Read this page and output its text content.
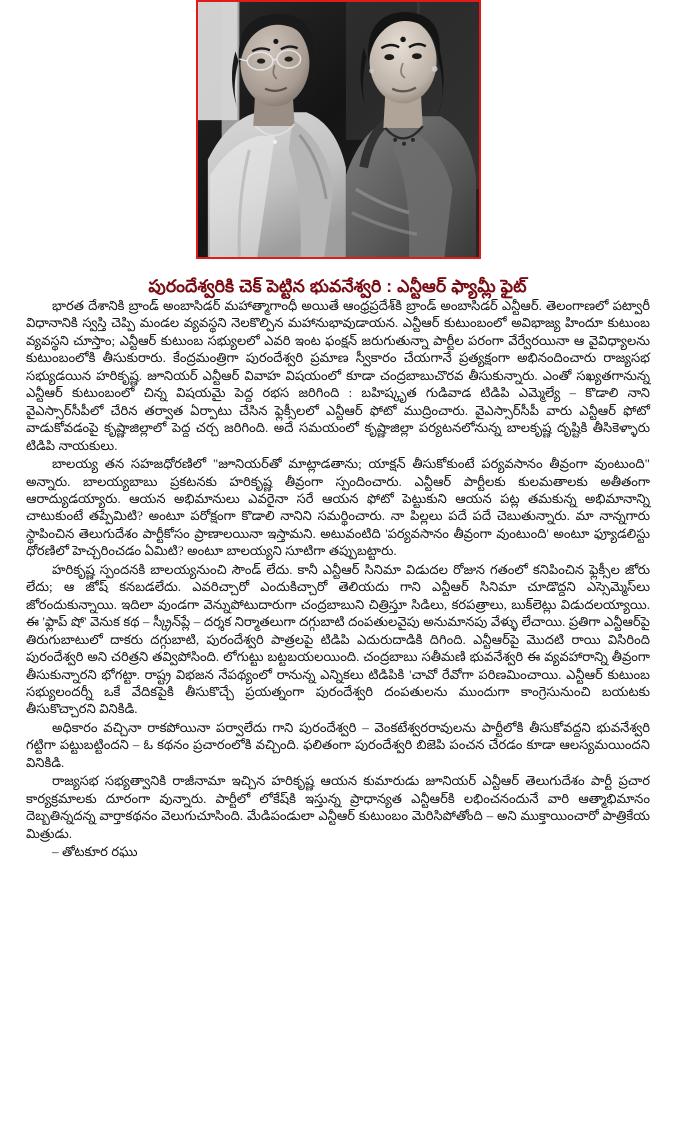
పురందేశ్వరికి చెక్ పెట్టిన భువనేశ్వరి : ఎన్టీఆర్ ఫ్యామ్లీ ఫైట్

భారత దేశానికి బ్రాండ్ అంబాసిడర్ మహాత్మాగాంధీ అయితే ఆంధ్రప్రదేశ్‌కి బ్రాండ్ అంబాసిడర్ ఎన్టీఆర్. తెలంగాణలో పట్వారీ విధానానికి స్వస్తి చెప్పి మండల వ్యవస్థని నెలకొల్పిన మహానుభావుడాయన. ఎన్టీఆర్ కుటుంబంలో అవిభాజ్య హిందూ కుటుంబ వ్యవస్థని చూస్తాం; ఎన్టీఆర్ కుటుంబ సభ్యులలో ఎవరి ఇంట ఫంక్షన్ జరుగుతున్నా పార్టీల పరంగా వేర్వేరయినా ఆ వైవిధ్యాలను కుటుంబంలోకి తీసుకురారు. కేంద్రమంత్రిగా పురందేశ్వరి ప్రమాణ స్వీకారం చేయగానే ప్రత్యక్షంగా అభినందించారు రాజ్యసభ సభ్యుడయిన హరికృష్ణ. జూనియర్ ఎన్టీఆర్ వివాహ విషయంలో కూడా చంద్రబాబుచొరవ తీసుకున్నారు. ఎంతో సఖ్యతగానున్న ఎన్టీఆర్ కుటుంబంలో చిన్న విషయమై పెద్ద రభస జరిగింది : బహిష్కృత గుడివాడ టిడిపి ఎమ్మెల్యే – కొడాలి నాని వైఎస్సార్‌సీపీలో చేరిన తర్వాత ఏర్పాటు చేసిన ఫ్లెక్సీలలో ఎన్టీఆర్ ఫోటో ముద్రించారు. వైఎస్సార్‌సీపీ వారు ఎన్టీఆర్ ఫోటో వాడుకోవడంపై కృష్ణాజిల్లాలో పెద్ద చర్చ జరిగింది. అదే సమయంలో కృష్ణాజిల్లా పర్యటనలోనున్న బాలకృష్ణ దృష్టికి తీసికెళ్ళారు టిడిపి నాయకులు.

బాలయ్య తన సహజధోరణిలో "జూనియర్‌తో మాట్లాడతాను; యాక్షన్ తీసుకోకుంటే పర్యవసానం తీవ్రంగా వుంటుంది" అన్నారు. బాలయ్యబాబు ప్రకటనకు హరికృష్ణ తీవ్రంగా స్పందించారు. ఎన్టీఆర్ పార్టీలకు కులమతాలకు అతీతంగా ఆరాద్యుడయ్యారు. ఆయన అభిమానులు ఎవరైనా సరే ఆయన ఫోటో పెట్టుకుని ఆయన పట్ల తమకున్న అభిమానాన్ని చాటుకుంటే తప్పేమిటి? అంటూ పరోక్షంగా కొడాలి నానిని సమర్థించారు. నా పిల్లలు పదే పదే చెబుతున్నారు. మా నాన్నగారు స్థాపించిన తెలుగుదేశం పార్టీకోసం ప్రాణాలయినా ఇస్తామని. అటువంటిది 'పర్యవసానం తీవ్రంగా వుంటుంది' అంటూ ఫ్యూడలిస్టు ధోరణిలో హెచ్చరించడం ఏమిటి? అంటూ బాలయ్యని సూటిగా తప్పుబట్టారు.

హరికృష్ణ స్పందనకి బాలయ్యనుంచి సౌండ్ లేదు. కానీ ఎన్టీఆర్ సినిమా విడుదల రోజున గతంలో కనిపించిన ఫ్లెక్సీల జోరు లేదు; ఆ జోష్ కనబడలేదు. ఎవరిచ్చారో ఎందుకిచ్చారో తెలియదు గాని ఎన్టీఆర్ సినిమా చూడొద్దని ఎస్సెమ్మెస్‌లు జోరందుకున్నాయి. ఇదిలా వుండగా వెన్నుపోటుదారుగా చంద్రబాబుని చిత్రిస్తూ సిడిలు, కరపత్రాలు, బుక్‌లెట్లు విడుదలయ్యాయి. ఈ 'ఫ్లాప్ షో' వెనుక కథ – స్క్రీన్‌ప్లే – దర్శక నిర్మాతలుగా దగ్గుబాటి దంపతులవైపు అనుమానపు వేళ్ళు లేచాయి. ప్రతిగా ఎన్టీఆర్‌పై తిరుగుబాటులో దాకరు దగ్గుబాటి, పురందేశ్వరి పాత్రలపై టిడిపి ఎదురుదాడికి దిగింది. ఎన్టీఆర్‌పై మొదటి రాయి విసిరింది పురందేశ్వరి అని చరిత్రని తవ్విపోసింది. లోగుట్టు బట్టబయలయింది. చంద్రబాబు సతీమణి భువనేశ్వరి ఈ వ్యవహారాన్ని తీవ్రంగా తీసుకున్నారని భోగట్టా. రాష్ట్ర విభజన నేపథ్యంలో రానున్న ఎన్నికలు టిడిపికి 'చావో రేవోగా పరిణమించాయి. ఎన్టీఆర్ కుటుంబ సభ్యులందర్నీ ఒకే వేదికపైకి తీసుకొచ్చే ప్రయత్నంగా పురందేశ్వరి దంపతులను ముందుగా కాంగ్రెసునుంచి బయటకు తీసుకొచ్చారని వినికిడి.

అధికారం వచ్చినా రాకపోయినా పర్వాలేదు గాని పురందేశ్వరి – వెంకటేశ్వరరావులను పార్టీలోకి తీసుకోవద్దని భువనేశ్వరి గట్టిగా పట్టుబట్టిందని – ఓ కథనం ప్రచారంలోకి వచ్చింది. ఫలితంగా పురందేశ్వరి బిజెపి పంచన చేరడం కూడా ఆలస్యమయిందని వినికిడి.

రాజ్యసభ సభ్యత్వానికి రాజీనామా ఇచ్చిన హరికృష్ణ ఆయన కుమారుడు జూనియర్ ఎన్టీఆర్ తెలుగుదేశం పార్టీ ప్రచార కార్యక్రమాలకు దూరంగా వున్నారు. పార్టీలో లోకేష్‌కి ఇస్తున్న ప్రాధాన్యత ఎన్టీఆర్‌కి లభించనందునే వారి ఆత్మాభిమానం దెబ్బతిన్నదన్న వార్తాకథనం వెలుగుచూసింది. మేడిపండులా ఎన్టీఆర్ కుటుంబం మెరిసిపోతోంది – అని ముక్తాయించారో పాత్రికేయ మిత్రుడు.

– తోటకూర రఘు
